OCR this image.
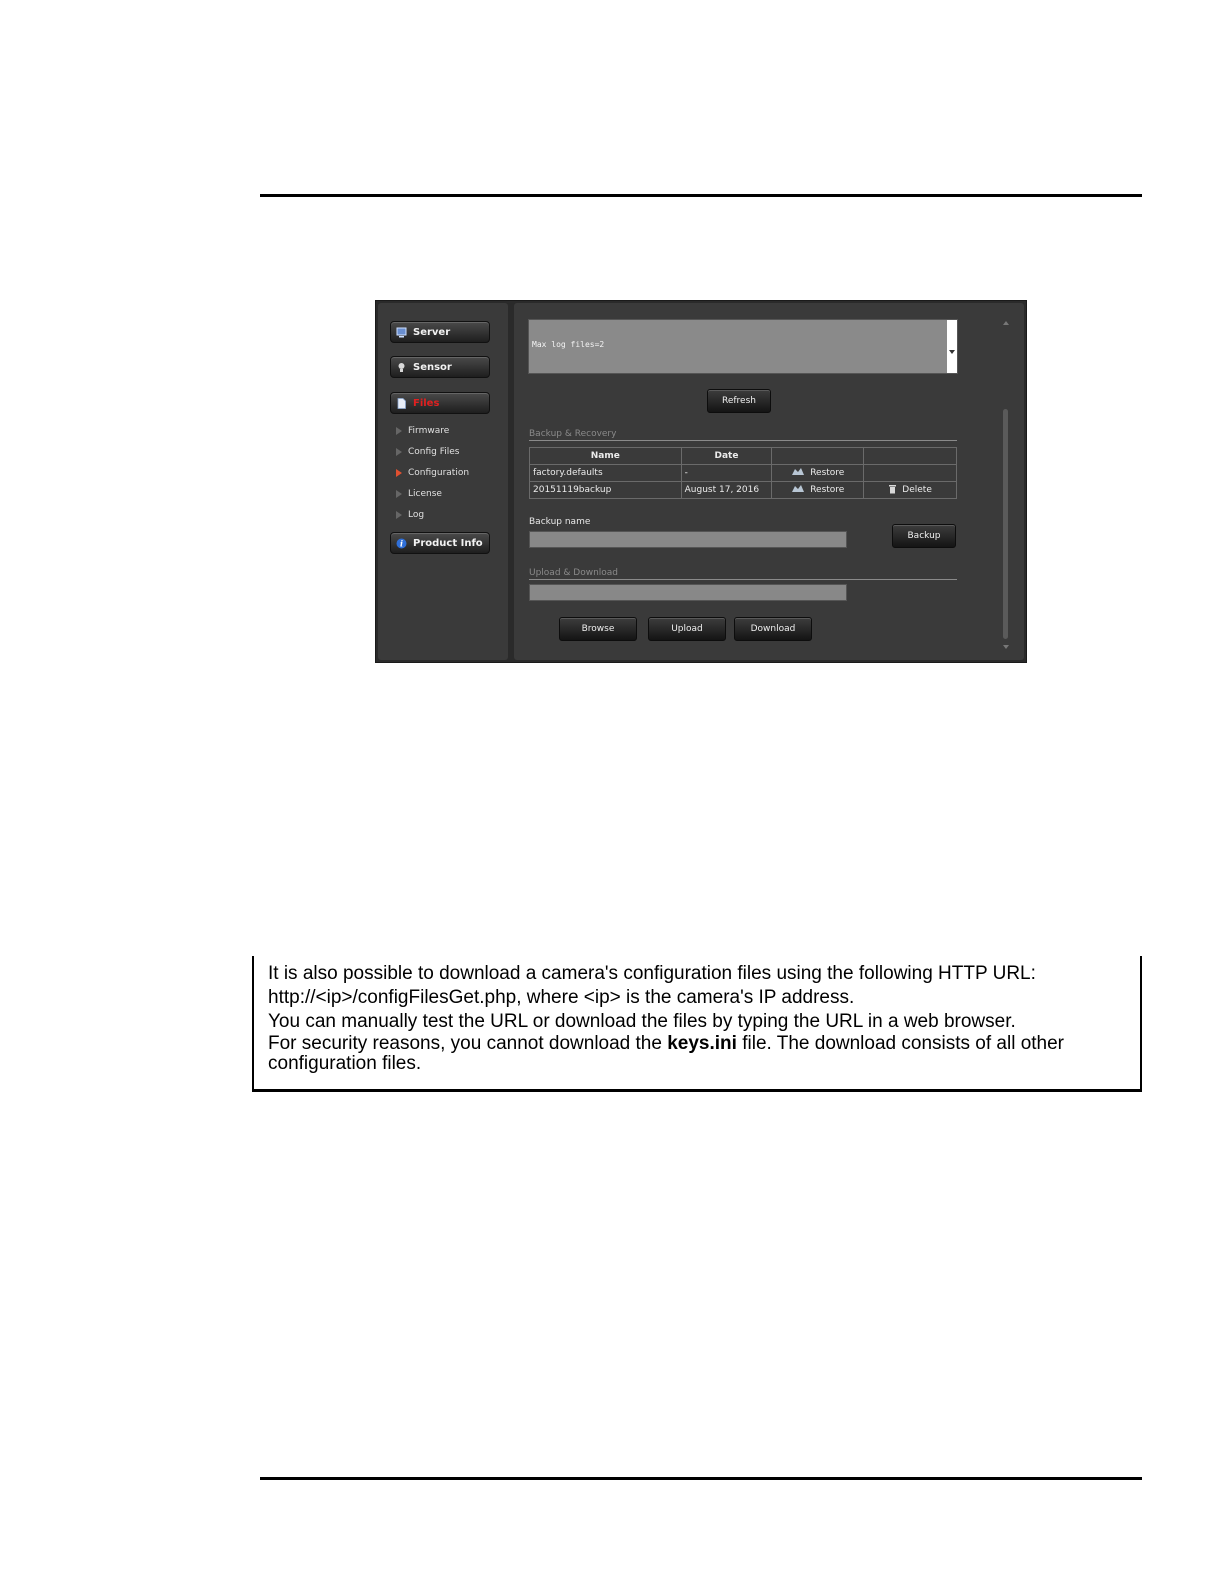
Server
Sensor
Files
Firmware
Config Files
Configuration
License
Log
i Product Info

Max log files=2

Refresh
Backup & Recovery
Name	Date		
factory.defaults	-	Restore	

20151119backup	August 17, 2016	Restore	Delete
Backup name
Backup
Upload & Download
Browse	Upload	Download

It is also possible to download a camera's configuration files using the following HTTP URL:

http://<ip>/configFilesGet.php, where <ip> is the camera's IP address.

You can manually test the URL or download the files by typing the URL in a web browser.

For security reasons, you cannot download the keys.ini file. The download consists of all other

configuration files.
